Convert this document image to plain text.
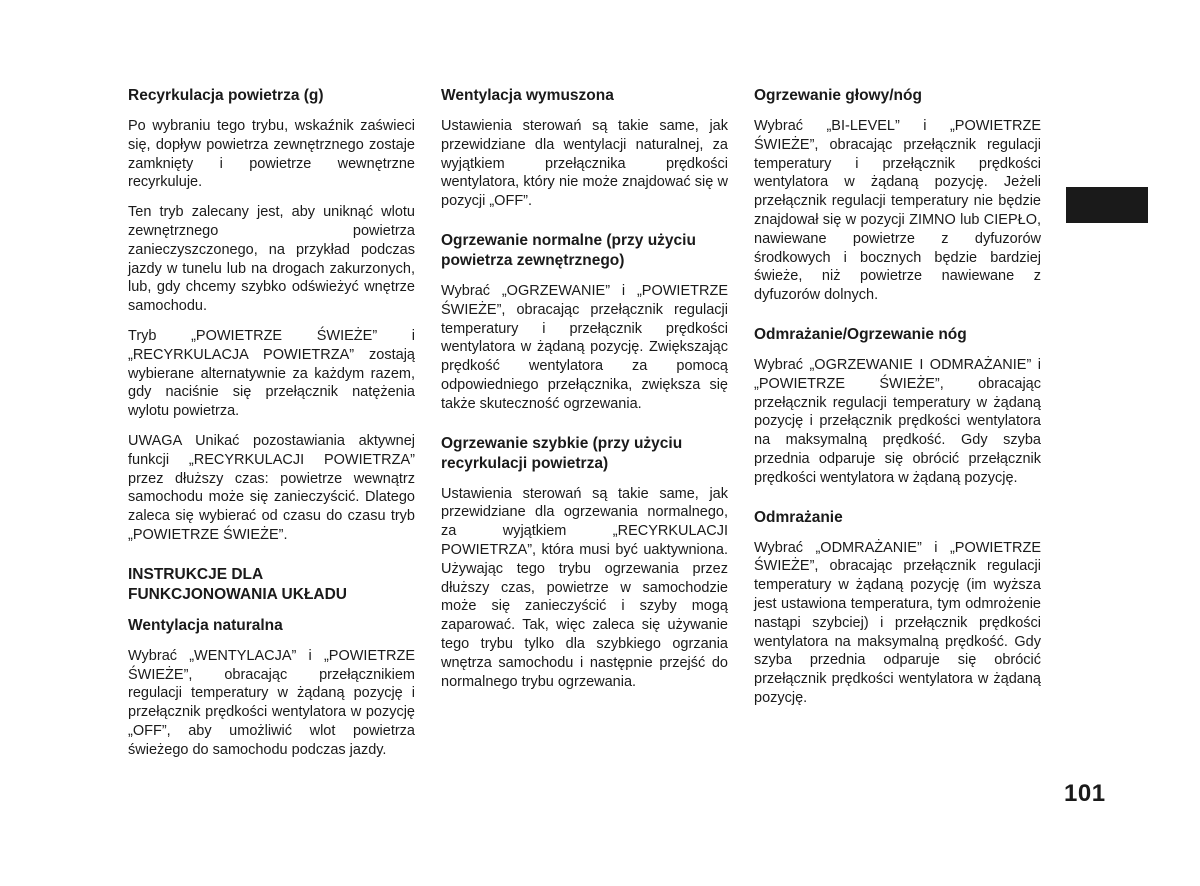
Recyrkulacja powietrza (g)

Po wybraniu tego trybu, wskaźnik zaświeci się, dopływ powietrza zewnętrznego zostaje zamknięty i powietrze wewnętrzne recyrkuluje.

Ten tryb zalecany jest, aby uniknąć wlotu zewnętrznego powietrza zanieczyszczonego, na przykład podczas jazdy w tunelu lub na drogach zakurzonych, lub, gdy chcemy szybko odświeżyć wnętrze samochodu.

Tryb „POWIETRZE ŚWIEŻE” i „RECYRKULACJA POWIETRZA” zostają wybierane alternatywnie za każdym razem, gdy naciśnie się przełącznik natężenia wylotu powietrza.

UWAGA Unikać pozostawiania aktywnej funkcji „RECYRKULACJI POWIETRZA” przez dłuższy czas: powietrze wewnątrz samochodu może się zanieczyścić. Dlatego zaleca się wybierać od czasu do czasu tryb „POWIETRZE ŚWIEŻE”.

INSTRUKCJE DLA FUNKCJONOWANIA UKŁADU
Wentylacja naturalna

Wybrać „WENTYLACJA” i „POWIETRZE ŚWIEŻE”, obracając przełącznikiem regulacji temperatury w żądaną pozycję i przełącznik prędkości wentylatora w pozycję „OFF”, aby umożliwić wlot powietrza świeżego do samochodu podczas jazdy.

Wentylacja wymuszona

Ustawienia sterowań są takie same, jak przewidziane dla wentylacji naturalnej, za wyjątkiem przełącznika prędkości wentylatora, który nie może znajdować się w pozycji „OFF”.

Ogrzewanie normalne (przy użyciu powietrza zewnętrznego)

Wybrać „OGRZEWANIE” i „POWIETRZE ŚWIEŻE”, obracając przełącznik regulacji temperatury i przełącznik prędkości wentylatora w żądaną pozycję. Zwiększając prędkość wentylatora za pomocą odpowiedniego przełącznika, zwiększa się także skuteczność ogrzewania.

Ogrzewanie szybkie (przy użyciu recyrkulacji powietrza)

Ustawienia sterowań są takie same, jak przewidziane dla ogrzewania normalnego, za wyjątkiem „RECYRKULACJI POWIETRZA”, która musi być uaktywniona. Używając tego trybu ogrzewania przez dłuższy czas, powietrze w samochodzie może się zanieczyścić i szyby mogą zaparować. Tak, więc zaleca się używanie tego trybu tylko dla szybkiego ogrzania wnętrza samochodu i następnie przejść do normalnego trybu ogrzewania.

Ogrzewanie głowy/nóg

Wybrać „BI-LEVEL” i „POWIETRZE ŚWIEŻE”, obracając przełącznik regulacji temperatury i przełącznik prędkości wentylatora w żądaną pozycję. Jeżeli przełącznik regulacji temperatury nie będzie znajdował się w pozycji ZIMNO lub CIEPŁO, nawiewane powietrze z dyfuzorów środkowych i bocznych będzie bardziej świeże, niż powietrze nawiewane z dyfuzorów dolnych.

Odmrażanie/Ogrzewanie nóg

Wybrać „OGRZEWANIE I ODMRAŻANIE” i „POWIETRZE ŚWIEŻE”, obracając przełącznik regulacji temperatury w żądaną pozycję i przełącznik prędkości wentylatora na maksymalną prędkość. Gdy szyba przednia odparuje się obrócić przełącznik prędkości wentylatora w żądaną pozycję.

Odmrażanie

Wybrać „ODMRAŻANIE” i „POWIETRZE ŚWIEŻE”, obracając przełącznik regulacji temperatury w żądaną pozycję (im wyższa jest ustawiona temperatura, tym odmrożenie nastąpi szybciej) i przełącznik prędkości wentylatora na maksymalną prędkość. Gdy szyba przednia odparuje się obrócić przełącznik prędkości wentylatora w żądaną pozycję.

101
